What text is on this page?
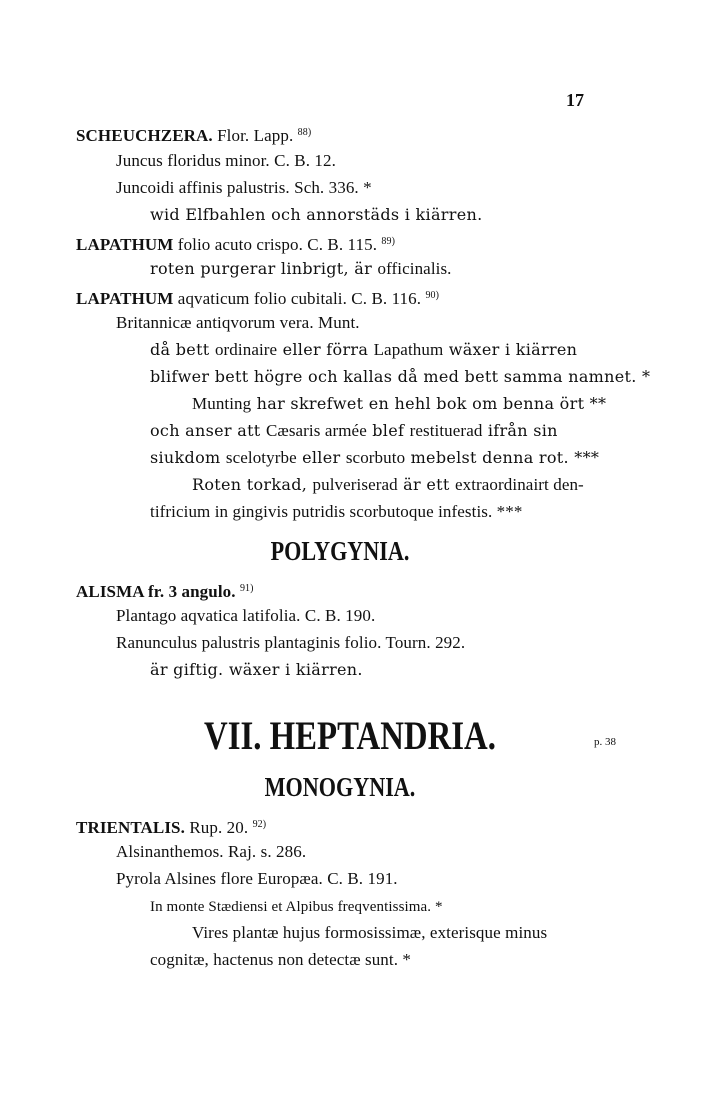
17
SCHEUCHZERA. Flor. Lapp. $^{88)}$
Juncus floridus minor. C. B. 12.
Juncoidi affinis palustris. Sch. 336. *
wid Elfbahlen och annorstäds i kiärren.
LAPATHUM folio acuto crispo. C. B. 115. $^{89)}$
roten purgerar linbrigt, är officinalis.
LAPATHUM aqvaticum folio cubitali. C. B. 116. $^{90)}$
Britannicæ antiqvorum vera. Munt.
då bett ordinaire eller förra Lapathum wäxer i kiärren
blifwer bett högre och kallas då med bett samma namnet. *
Munting har skrefwet en hehl bok om benna ört **
och anser att Cæsaris armée blef restituerad ifrån sin
siukdom scelotyrbe eller scorbuto mebelst denna rot. ***
Roten torkad, pulveriserad är ett extraordinairt den-
tifricium in gingivis putridis scorbutoque infestis. ***
POLYGYNIA.
ALISMA fr. 3 angulo. $^{91)}$
Plantago aqvatica latifolia. C. B. 190.
Ranunculus palustris plantaginis folio. Tourn. 292.
är giftig. wäxer i kiärren.
VII. HEPTANDRIA.	p. 38
MONOGYNIA.
TRIENTALIS. Rup. 20. $^{92)}$
Alsinanthemos. Raj. s. 286.
Pyrola Alsines flore Europæa. C. B. 191.
In monte Stædiensi et Alpibus freqventissima. *
Vires plantæ hujus formosissimæ, exterisque minus
cognitæ, hactenus non detectæ sunt. *
